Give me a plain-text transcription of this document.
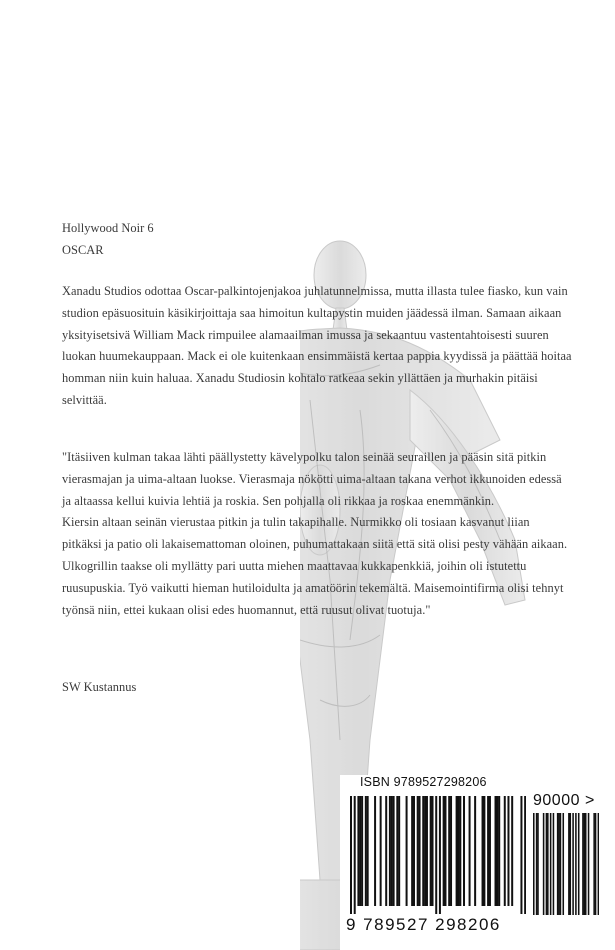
Hollywood Noir 6

OSCAR

Xanadu Studios odottaa Oscar-palkintojenjakoa juhlatunnelmissa, mutta illasta tulee fiasko, kun vain studion epäsuosituin käsikirjoittaja saa himoitun kultapystin muiden jäädessä ilman. Samaan aikaan yksityisetsivä William Mack rimpuilee alamaailman imussa ja sekaantuu vastentahtoisesti suuren luokan huumekauppaan. Mack ei ole kuitenkaan ensimmäistä kertaa pappia kyydissä ja päättää hoitaa homman niin kuin haluaa. Xanadu Studiosin kohtalo ratkeaa sekin yllättäen ja murhakin pitäisi selvittää.

"Itäsiiven kulman takaa lähti päällystetty kävelypolku talon seinää seuraillen ja pääsin sitä pitkin vierasmajan ja uima-altaan luokse. Vierasmaja nökötti uima-altaan takana verhot ikkunoiden edessä ja altaassa kellui kuivia lehtiä ja roskia. Sen pohjalla oli rikkaa ja roskaa enemmänkin.

Kiersin altaan seinän vierustaa pitkin ja tulin takapihalle. Nurmikko oli tosiaan kasvanut liian pitkäksi ja patio oli lakaisemattoman oloinen, puhumattakaan siitä että sitä olisi pesty vähään aikaan.

Ulkogrillin taakse oli myllätty pari uutta miehen maattavaa kukkapenkkiä, joihin oli istutettu ruusupuskia. Työ vaikutti hieman hutiloidulta ja amatöörin tekemältä. Maisemointifirma olisi tehnyt työnsä niin, ettei kukaan olisi edes huomannut, että ruusut olivat tuotuja."

SW Kustannus

ISBN 9789527298206
90000 >
9 789527 298206
